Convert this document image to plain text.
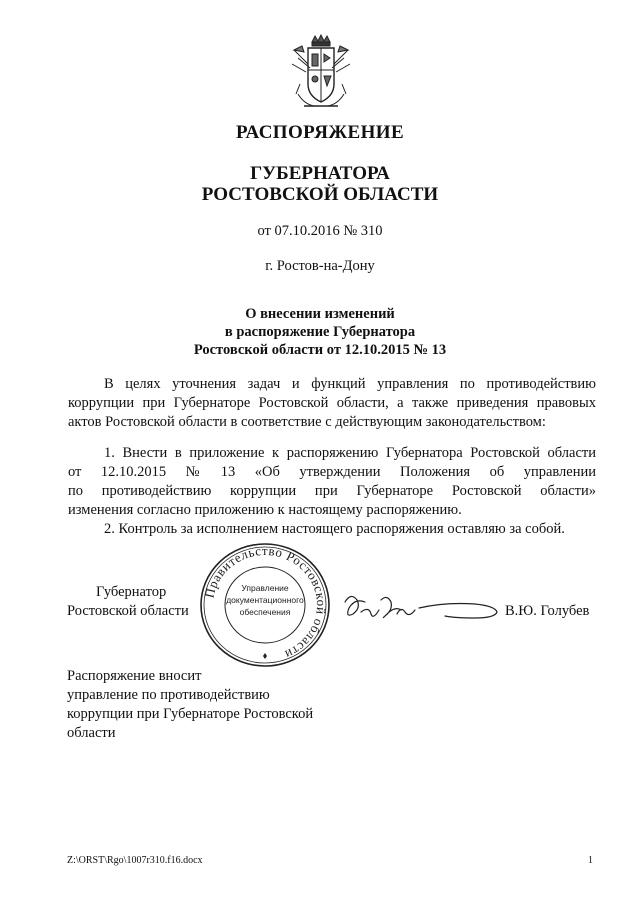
РАСПОРЯЖЕНИЕ
ГУБЕРНАТОРА
РОСТОВСКОЙ ОБЛАСТИ
от 07.10.2016 № 310
г. Ростов-на-Дону
О внесении изменений
в распоряжение Губернатора
Ростовской области от 12.10.2015 № 13
В целях уточнения задач и функций управления по противодействию
коррупции при Губернаторе Ростовской области, а также приведения правовых
актов Ростовской области в соответствие с действующим законодательством:
1. Внести в приложение к распоряжению Губернатора Ростовской области
от 12.10.2015 № 13 «Об утверждении Положения об управлении
по противодействию коррупции при Губернаторе Ростовской области»
изменения согласно приложению к настоящему распоряжению.
2. Контроль за исполнением настоящего распоряжения оставляю за собой.
Губернатор
Ростовской области	В.Ю. Голубев
Правительство Ростовской области
Управление
документационного
обеспечения
Распоряжение вносит
управление по противодействию
коррупции при Губернаторе Ростовской
области
Z:\ORST\Rgo\1007r310.f16.docx	1
